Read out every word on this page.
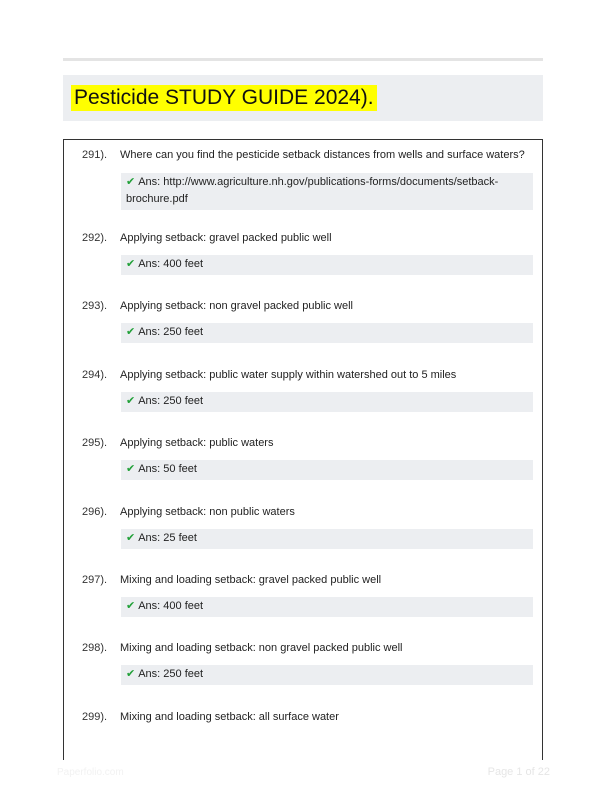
Pesticide STUDY GUIDE 2024).
291). Where can you find the pesticide setback distances from wells and surface waters?
✔ Ans: http://www.agriculture.nh.gov/publications-forms/documents/setback-brochure.pdf
292). Applying setback: gravel packed public well
✔ Ans: 400 feet
293). Applying setback: non gravel packed public well
✔ Ans: 250 feet
294). Applying setback: public water supply within watershed out to 5 miles
✔ Ans: 250 feet
295). Applying setback: public waters
✔ Ans: 50 feet
296). Applying setback: non public waters
✔ Ans: 25 feet
297). Mixing and loading setback: gravel packed public well
✔ Ans: 400 feet
298). Mixing and loading setback: non gravel packed public well
✔ Ans: 250 feet
299). Mixing and loading setback: all surface water
Paperfolio.com	Page 1 of 22
